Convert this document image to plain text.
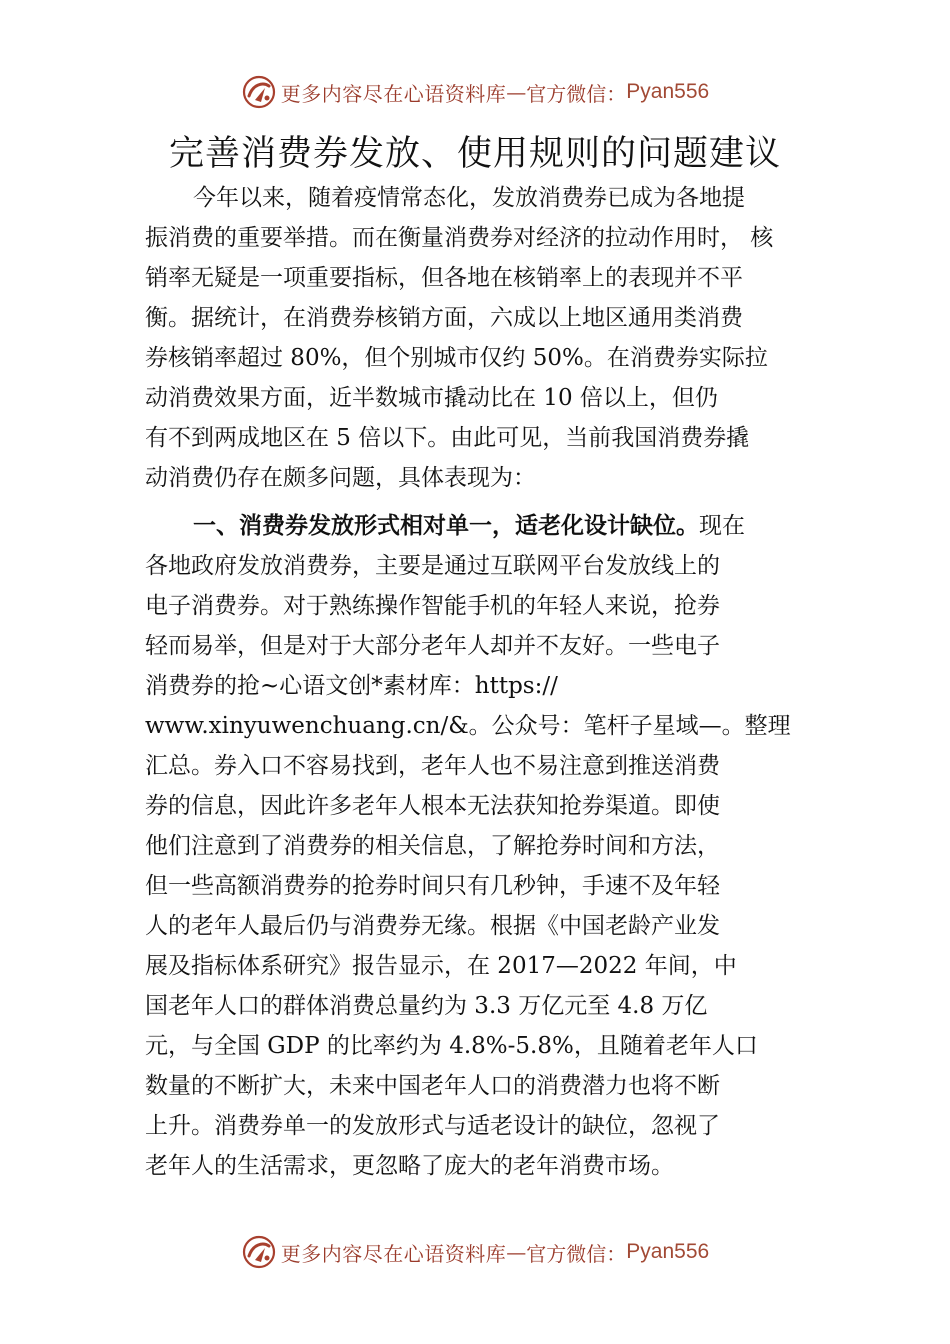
更多内容尽在心语资料库 — 官方微信： Pyan556
完善消费券发放、使用规则的问题建议
今年以来，随着疫情常态化，发放消费券已成为各地提
振消费的重要举措。而在衡量消费券对经济的拉动作用时， 核
销率无疑是一项重要指标，但各地在核销率上的表现并不平
衡。据统计，在消费券核销方面，六成以上地区通用类消费
券核销率超过 80%，但个别城市仅约 50%。在消费券实际拉
动消费效果方面，近半数城市撬动比在 10 倍以上，但仍
有不到两成地区在 5 倍以下。由此可见，当前我国消费券撬
动消费仍存在颇多问题，具体表现为：
一、消费券发放形式相对单一，适老化设计缺位。现在
各地政府发放消费券，主要是通过互联网平台发放线上的
电子消费券。对于熟练操作智能手机的年轻人来说，抢券
轻而易举，但是对于大部分老年人却并不友好。一些电子
消费券的抢~心语文创*素材库：https://
www.xinyuwenchuang.cn/&。公众号：笔杆子星域—。整理
汇总。券入口不容易找到，老年人也不易注意到推送消费
券的信息，因此许多老年人根本无法获知抢券渠道。即使
他们注意到了消费券的相关信息，了解抢券时间和方法，
但一些高额消费券的抢券时间只有几秒钟，手速不及年轻
人的老年人最后仍与消费券无缘。根据《中国老龄产业发
展及指标体系研究》报告显示，在 2017—2022 年间，中
国老年人口的群体消费总量约为 3.3 万亿元至 4.8 万亿
元，与全国 GDP 的比率约为 4.8%-5.8%，且随着老年人口
数量的不断扩大，未来中国老年人口的消费潜力也将不断
上升。消费券单一的发放形式与适老设计的缺位，忽视了
老年人的生活需求，更忽略了庞大的老年消费市场。
更多内容尽在心语资料库 — 官方微信： Pyan556
